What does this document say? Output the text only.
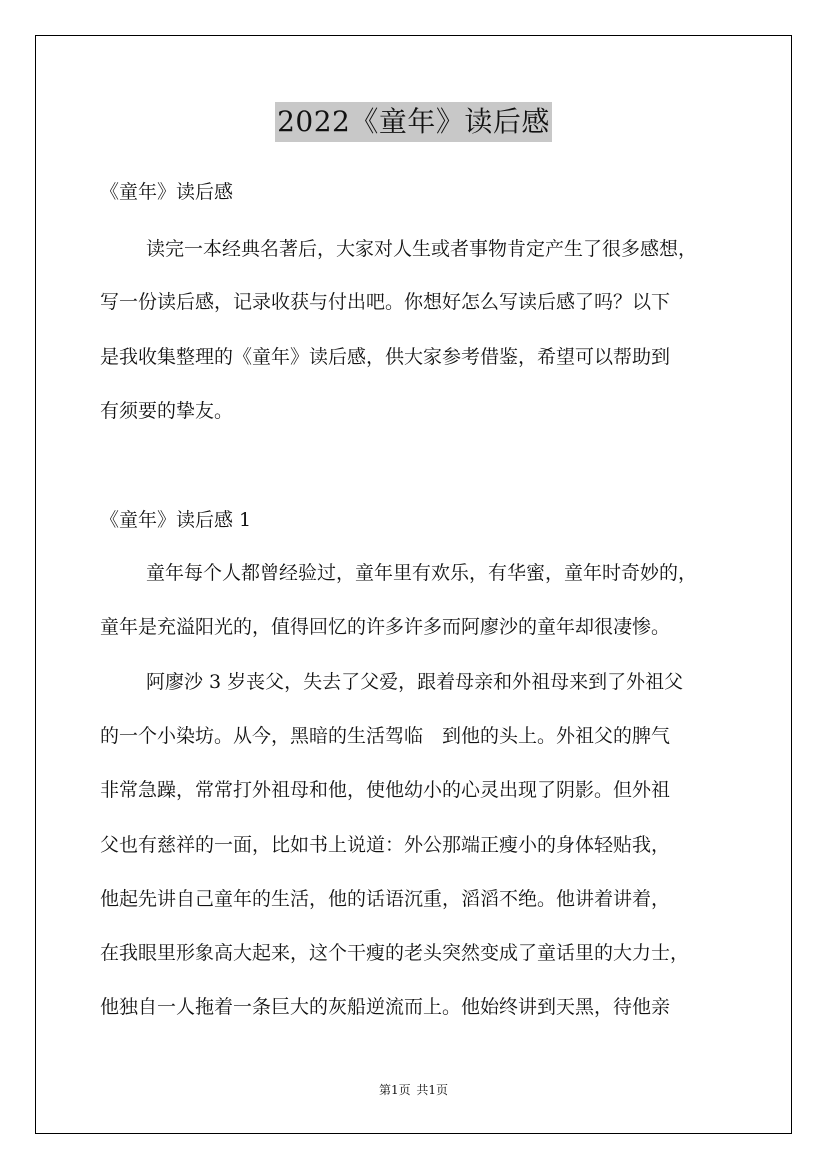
2022《童年》读后感
《童年》读后感
读完一本经典名著后，大家对人生或者事物肯定产生了很多感想，
写一份读后感，记录收获与付出吧。你想好怎么写读后感了吗？以下
是我收集整理的《童年》读后感，供大家参考借鉴，希望可以帮助到
有须要的挚友。
《童年》读后感 1
童年每个人都曾经验过，童年里有欢乐，有华蜜，童年时奇妙的，
童年是充溢阳光的，值得回忆的许多许多而阿廖沙的童年却很凄惨。
阿廖沙 3 岁丧父，失去了父爱，跟着母亲和外祖母来到了外祖父
的一个小染坊。从今，黑暗的生活驾临　到他的头上。外祖父的脾气
非常急躁，常常打外祖母和他，使他幼小的心灵出现了阴影。但外祖
父也有慈祥的一面，比如书上说道：外公那端正瘦小的身体轻贴我，
他起先讲自己童年的生活，他的话语沉重，滔滔不绝。他讲着讲着，
在我眼里形象高大起来，这个干瘦的老头突然变成了童话里的大力士，
他独自一人拖着一条巨大的灰船逆流而上。他始终讲到天黑，待他亲
第1页 共1页
